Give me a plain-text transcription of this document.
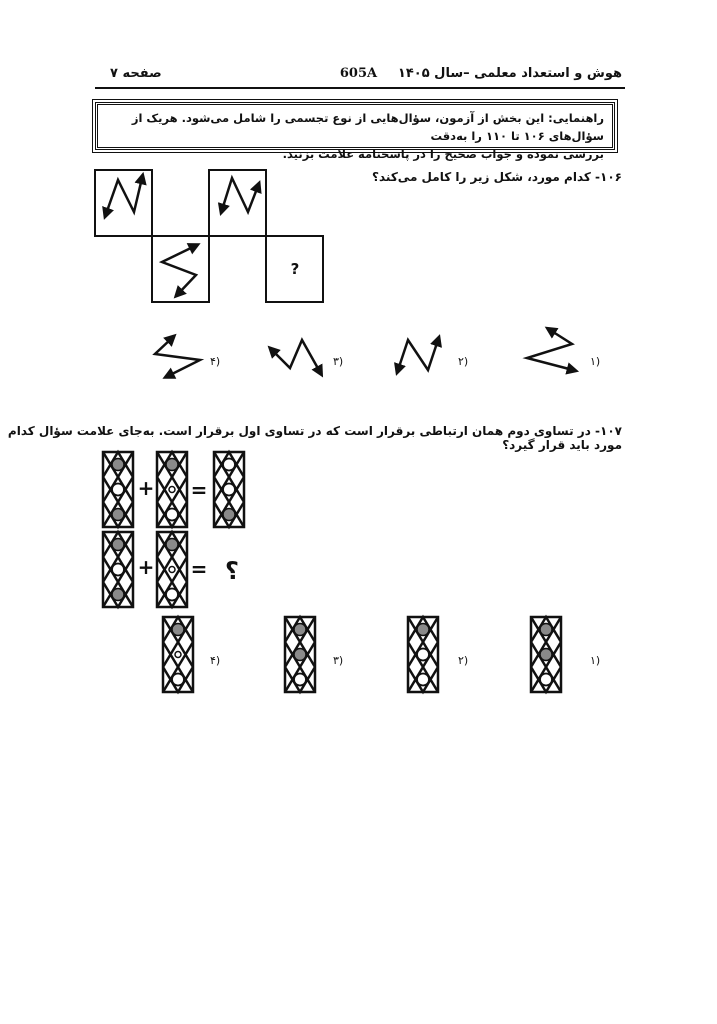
هوش و استعداد معلمی –سال ۱۴۰۵
605A
صفحه ۷
راهنمایی: این بخش از آزمون، سؤال‌هایی از نوع تجسمی را شامل می‌شود. هریک از سؤال‌های ۱۰۶ تا ۱۱۰ را به‌دقت
بررسی نموده و جواب صحیح را در پاسخنامه علامت بزنید.
۱۰۶- کدام مورد، شکل زیر را کامل می‌کند؟
?
۱)
۲)
۳)
۴)
۱۰۷- در تساوی دوم همان ارتباطی برقرار است که در تساوی اول برقرار است. به‌جای علامت سؤال کدام مورد باید قرار گیرد؟
+ =
+ = ؟
۱)
۲)
۳)
۴)
